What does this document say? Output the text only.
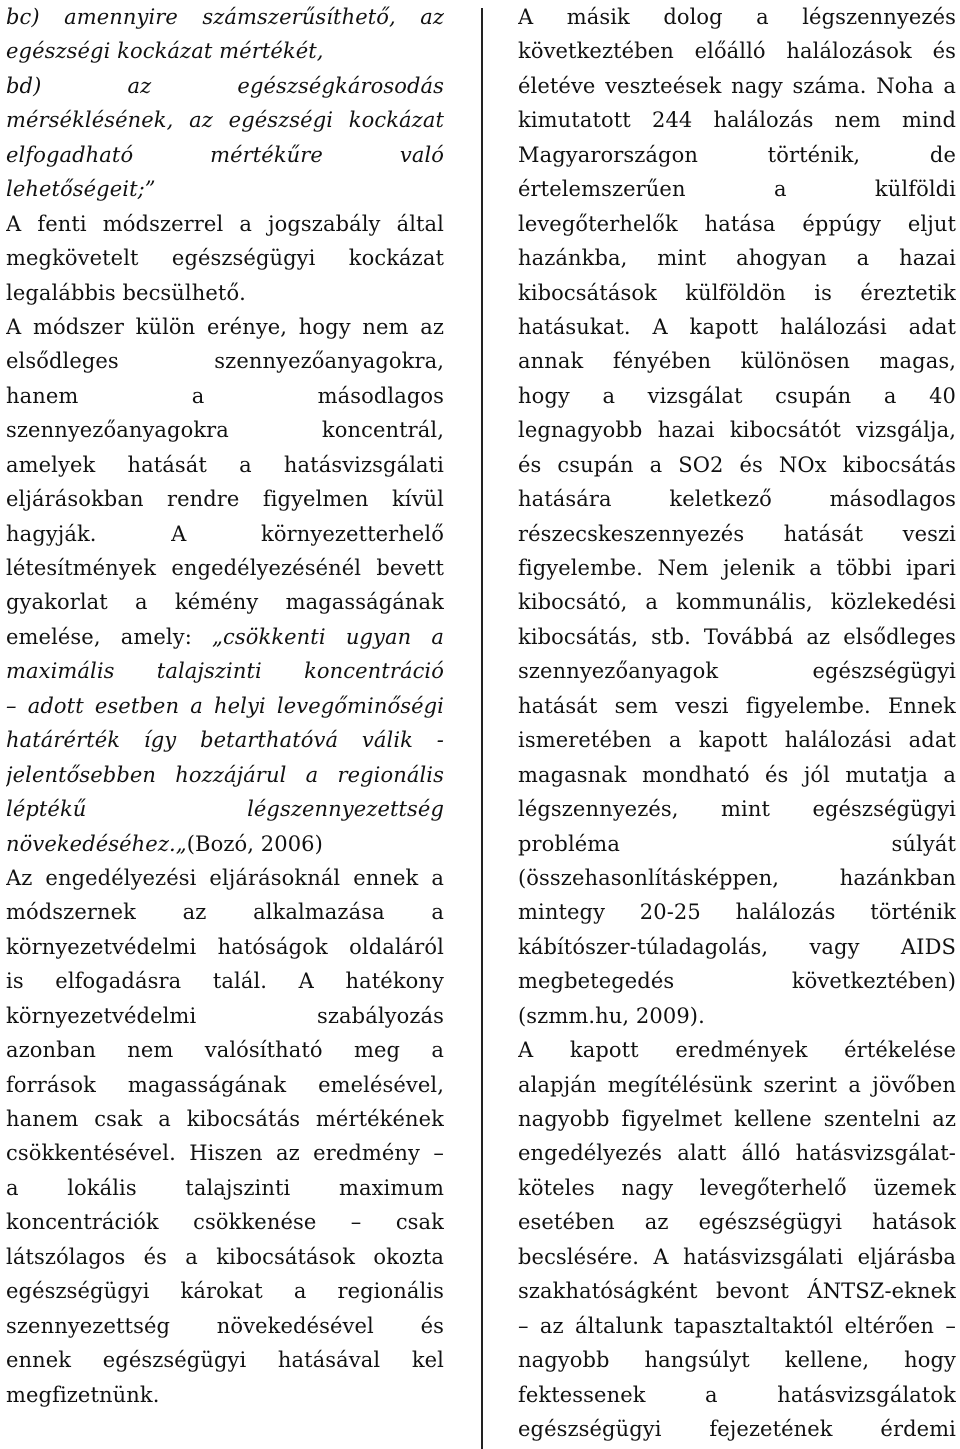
bc) amennyire számszerűsíthető, az
egészségi kockázat mértékét,
bd) az egészségkárosodás
mérséklésének, az egészségi kockázat
elfogadható mértékűre való
lehetőségeit;”
A fenti módszerrel a jogszabály által
megkövetelt egészségügyi kockázat
legalábbis becsülhető.
A módszer külön erénye, hogy nem az
elsődleges szennyezőanyagokra,
hanem a másodlagos
szennyezőanyagokra koncentrál,
amelyek hatását a hatásvizsgálati
eljárásokban rendre figyelmen kívül
hagyják. A környezetterhelő
létesítmények engedélyezésénél bevett
gyakorlat a kémény magasságának
emelése, amely: „csökkenti ugyan a
maximális talajszinti koncentráció
– adott esetben a helyi levegőminőségi
határérték így betarthatóvá válik -
jelentősebben hozzájárul a regionális
léptékű légszennyezettség
növekedéséhez.„(Bozó, 2006)
Az engedélyezési eljárásoknál ennek a
módszernek az alkalmazása a
környezetvédelmi hatóságok oldaláról
is elfogadásra talál. A hatékony
környezetvédelmi szabályozás
azonban nem valósítható meg a
források magasságának emelésével,
hanem csak a kibocsátás mértékének
csökkentésével. Hiszen az eredmény –
a lokális talajszinti maximum
koncentrációk csökkenése – csak
látszólagos és a kibocsátások okozta
egészségügyi károkat a regionális
szennyezettség növekedésével és
ennek egészségügyi hatásával kel
megfizetnünk.
A másik dolog a légszennyezés
következtében előálló halálozások és
életéve veszteések nagy száma. Noha a
kimutatott 244 halálozás nem mind
Magyarországon történik, de
értelemszerűen a külföldi
levegőterhelők hatása éppúgy eljut
hazánkba, mint ahogyan a hazai
kibocsátások külföldön is éreztetik
hatásukat. A kapott halálozási adat
annak fényében különösen magas,
hogy a vizsgálat csupán a 40
legnagyobb hazai kibocsátót vizsgálja,
és csupán a SO2 és NOx kibocsátás
hatására keletkező másodlagos
részecskeszennyezés hatását veszi
figyelembe. Nem jelenik a többi ipari
kibocsátó, a kommunális, közlekedési
kibocsátás, stb. Továbbá az elsődleges
szennyezőanyagok egészségügyi
hatását sem veszi figyelembe. Ennek
ismeretében a kapott halálozási adat
magasnak mondható és jól mutatja a
légszennyezés, mint egészségügyi
probléma súlyát
(összehasonlításképpen, hazánkban
mintegy 20-25 halálozás történik
kábítószer-túladagolás, vagy AIDS
megbetegedés következtében)
(szmm.hu, 2009).
A kapott eredmények értékelése
alapján megítélésünk szerint a jövőben
nagyobb figyelmet kellene szentelni az
engedélyezés alatt álló hatásvizsgálat-
köteles nagy levegőterhelő üzemek
esetében az egészségügyi hatások
becslésére. A hatásvizsgálati eljárásba
szakhatóságként bevont ÁNTSZ-eknek
– az általunk tapasztaltaktól eltérően –
nagyobb hangsúlyt kellene, hogy
fektessenek a hatásvizsgálatok
egészségügyi fejezetének érdemi
